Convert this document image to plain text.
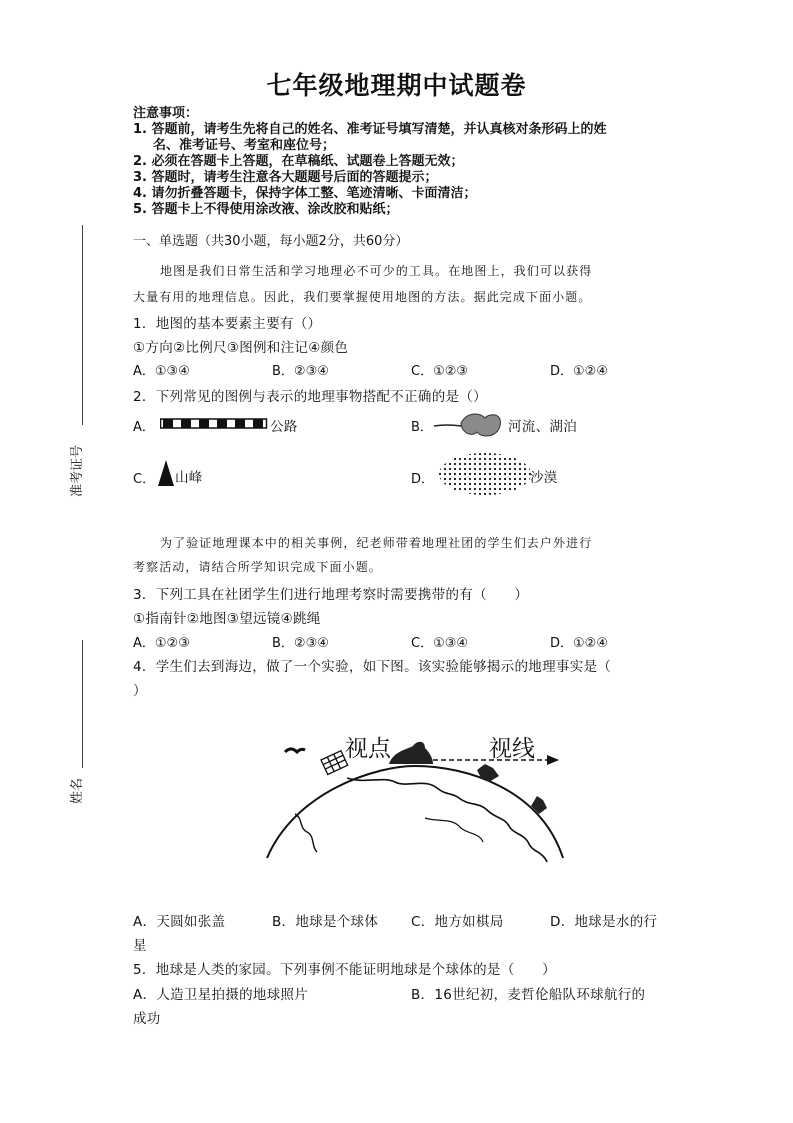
七年级地理期中试题卷
注意事项：
1. 答题前，请考生先将自己的姓名、准考证号填写清楚，并认真核对条形码上的姓
名、准考证号、考室和座位号；
2. 必须在答题卡上答题，在草稿纸、试题卷上答题无效；
3. 答题时，请考生注意各大题题号后面的答题提示；
4. 请勿折叠答题卡，保持字体工整、笔迹清晰、卡面清洁；
5. 答题卡上不得使用涂改液、涂改胶和贴纸；
准考证号
姓名
一、单选题（共30小题，每小题2分，共60分）
地图是我们日常生活和学习地理必不可少的工具。在地图上，我们可以获得
大量有用的地理信息。因此，我们要掌握使用地图的方法。据此完成下面小题。
1．地图的基本要素主要有（）
①方向②比例尺③图例和注记④颜色
A．①③④	B．②③④	C．①②③	D．①②④
2．下列常见的图例与表示的地理事物搭配不正确的是（）
A．	公路	B．	河流、湖泊
C． 山峰	D．	沙漠
为了验证地理课本中的相关事例，纪老师带着地理社团的学生们去户外进行
考察活动，请结合所学知识完成下面小题。
3．下列工具在社团学生们进行地理考察时需要携带的有（　　）
①指南针②地图③望远镜④跳绳
A．①②③	B．②③④	C．①③④	D．①②④
4．学生们去到海边，做了一个实验，如下图。该实验能够揭示的地理事实是（
）
视点	视线
A．天圆如张盖	B．地球是个球体 C．地方如棋局	D．地球是水的行
星
5．地球是人类的家园。下列事例不能证明地球是个球体的是（　　）
A．人造卫星拍摄的地球照片	B．16世纪初，麦哲伦船队环球航行的
成功
